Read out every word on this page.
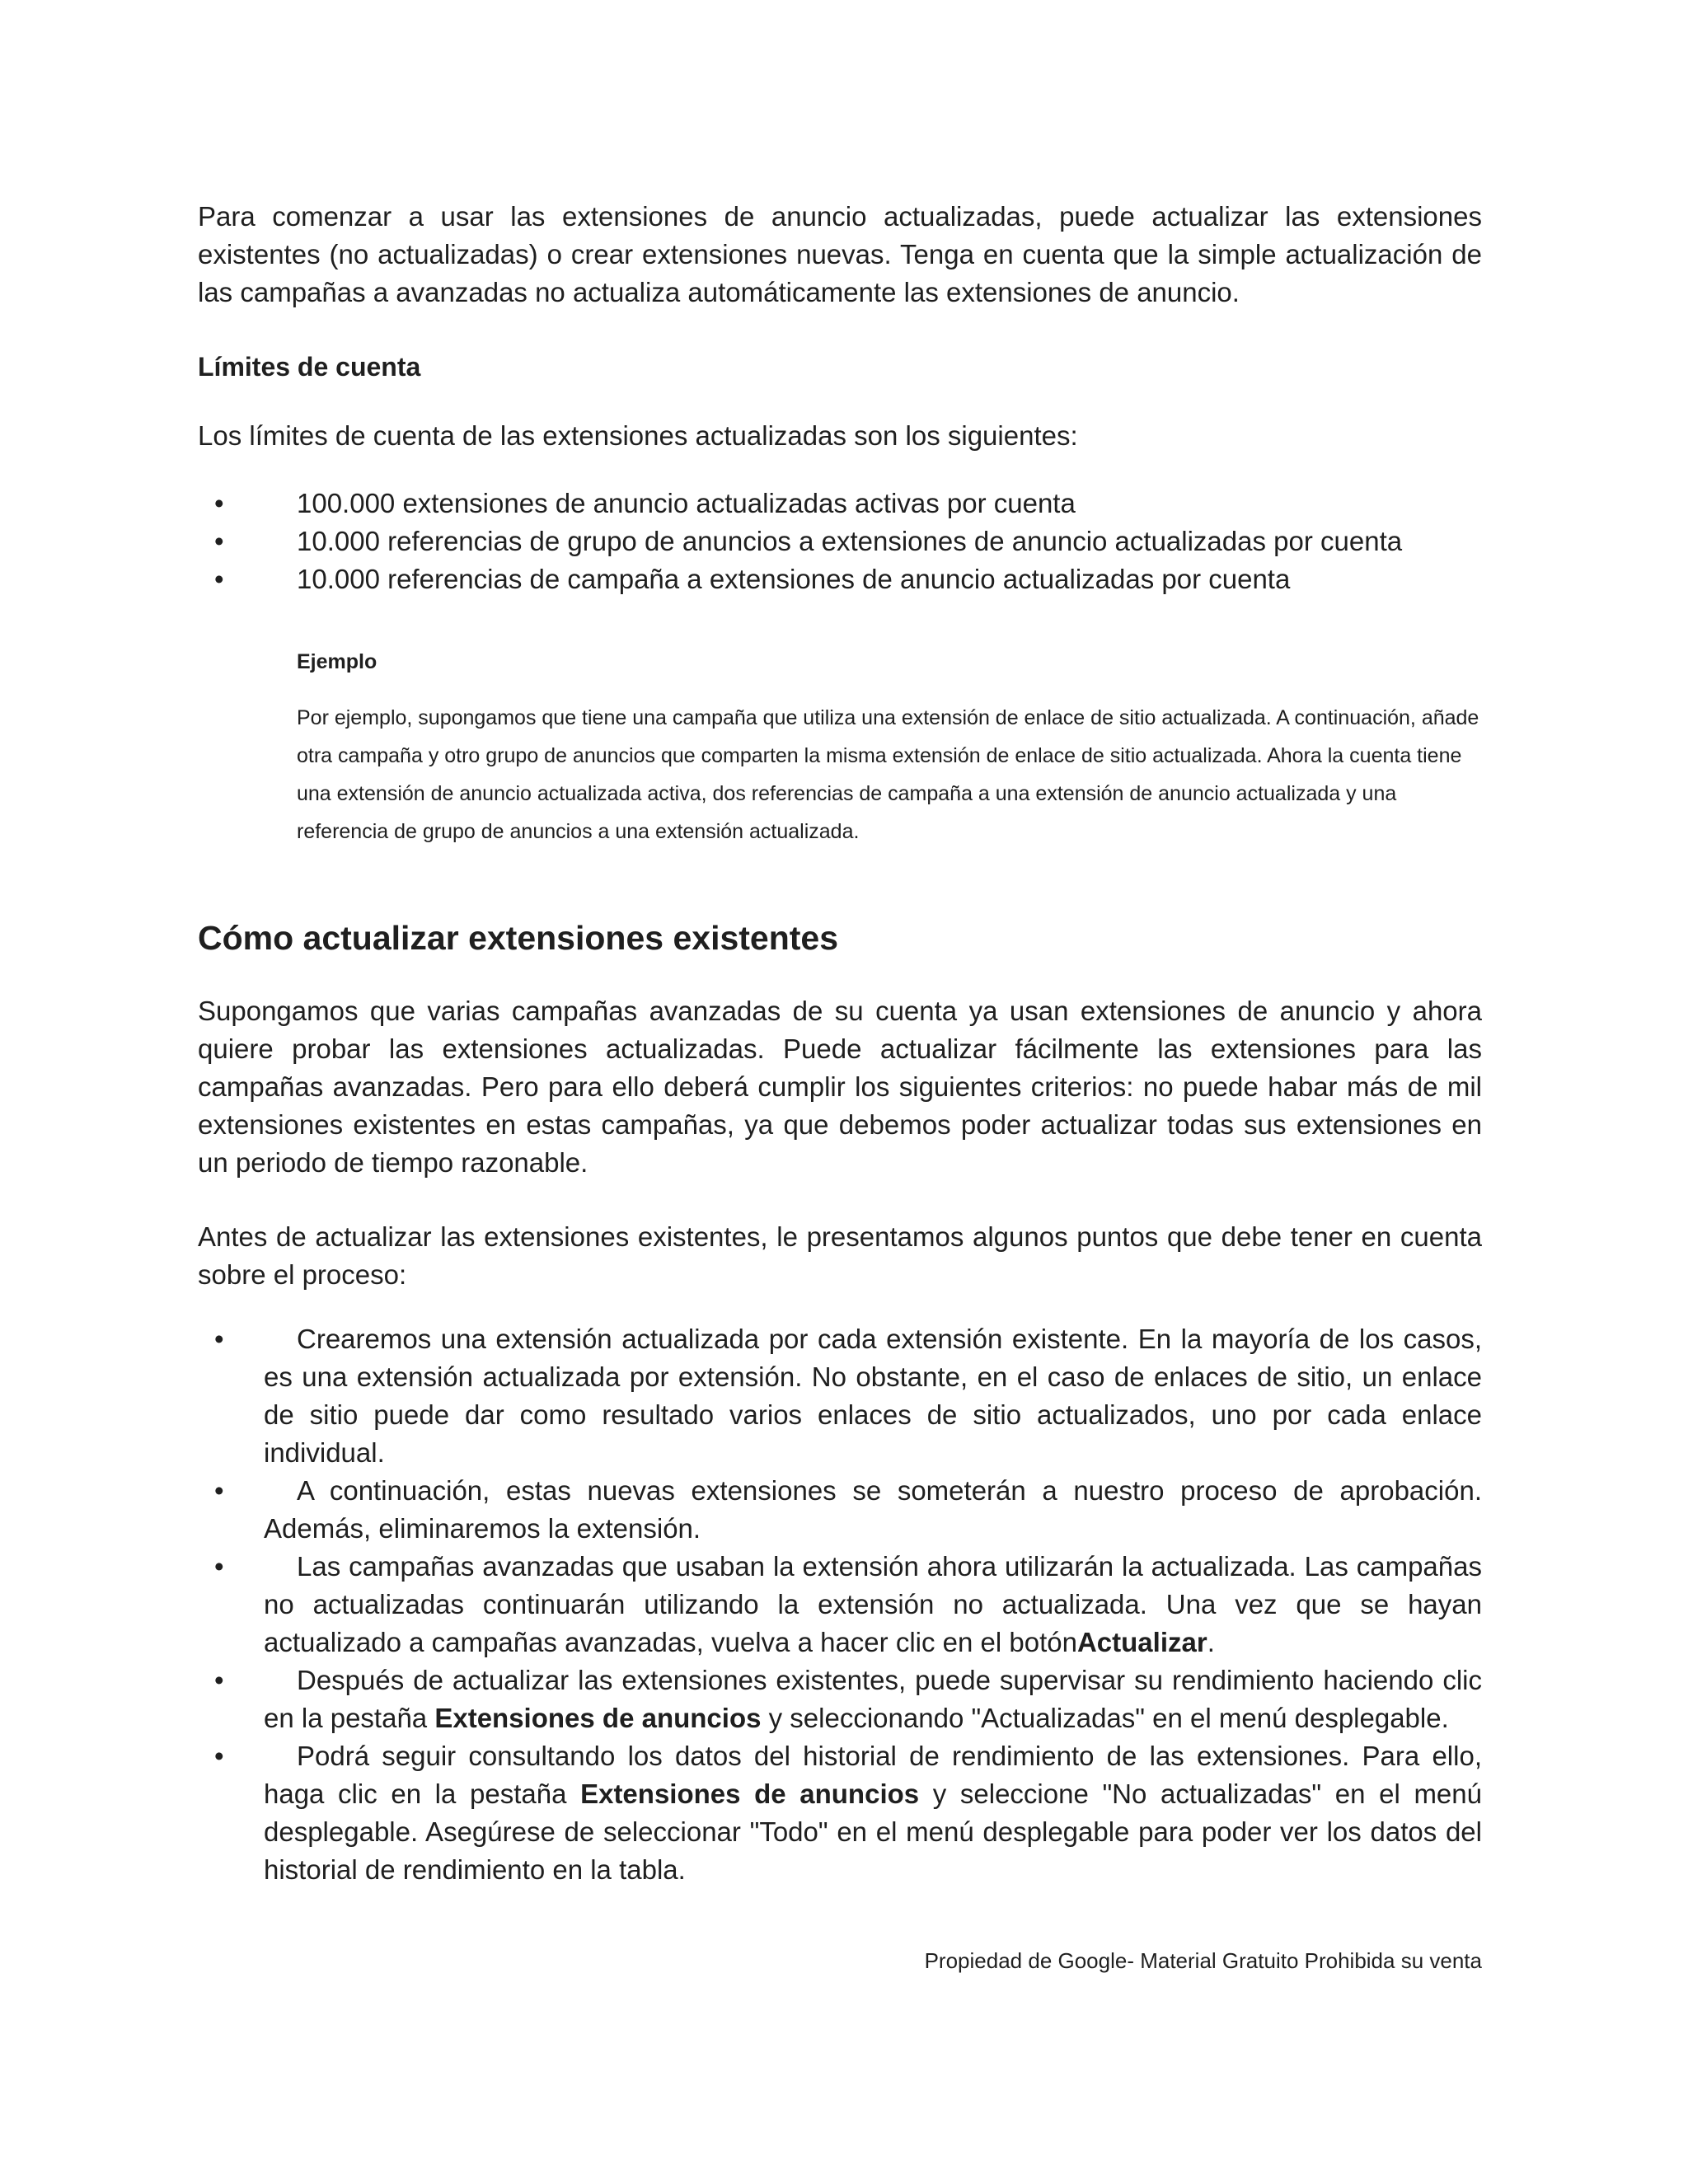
Para comenzar a usar las extensiones de anuncio actualizadas, puede actualizar las extensiones existentes (no actualizadas) o crear extensiones nuevas. Tenga en cuenta que la simple actualización de las campañas a avanzadas no actualiza automáticamente las extensiones de anuncio.

Límites de cuenta

Los límites de cuenta de las extensiones actualizadas son los siguientes:

•	100.000 extensiones de anuncio actualizadas activas por cuenta
•	10.000 referencias de grupo de anuncios a extensiones de anuncio actualizadas por cuenta
•	10.000 referencias de campaña a extensiones de anuncio actualizadas por cuenta

Ejemplo

Por ejemplo, supongamos que tiene una campaña que utiliza una extensión de enlace de sitio actualizada. A continuación, añade otra campaña y otro grupo de anuncios que comparten la misma extensión de enlace de sitio actualizada. Ahora la cuenta tiene una extensión de anuncio actualizada activa, dos referencias de campaña a una extensión de anuncio actualizada y una referencia de grupo de anuncios a una extensión actualizada.

Cómo actualizar extensiones existentes

Supongamos que varias campañas avanzadas de su cuenta ya usan extensiones de anuncio y ahora quiere probar las extensiones actualizadas. Puede actualizar fácilmente las extensiones para las campañas avanzadas. Pero para ello deberá cumplir los siguientes criterios: no puede habar más de mil extensiones existentes en estas campañas, ya que debemos poder actualizar todas sus extensiones en un periodo de tiempo razonable.

Antes de actualizar las extensiones existentes, le presentamos algunos puntos que debe tener en cuenta sobre el proceso:

•	Crearemos una extensión actualizada por cada extensión existente. En la mayoría de los casos, es una extensión actualizada por extensión. No obstante, en el caso de enlaces de sitio, un enlace de sitio puede dar como resultado varios enlaces de sitio actualizados, uno por cada enlace individual.
•	A continuación, estas nuevas extensiones se someterán a nuestro proceso de aprobación. Además, eliminaremos la extensión.
•	Las campañas avanzadas que usaban la extensión ahora utilizarán la actualizada. Las campañas no actualizadas continuarán utilizando la extensión no actualizada. Una vez que se hayan actualizado a campañas avanzadas, vuelva a hacer clic en el botónActualizar.
•	Después de actualizar las extensiones existentes, puede supervisar su rendimiento haciendo clic en la pestaña Extensiones de anuncios y seleccionando "Actualizadas" en el menú desplegable.
•	Podrá seguir consultando los datos del historial de rendimiento de las extensiones. Para ello, haga clic en la pestaña Extensiones de anuncios y seleccione "No actualizadas" en el menú desplegable. Asegúrese de seleccionar "Todo" en el menú desplegable para poder ver los datos del historial de rendimiento en la tabla.

Propiedad de Google- Material Gratuito Prohibida su venta
